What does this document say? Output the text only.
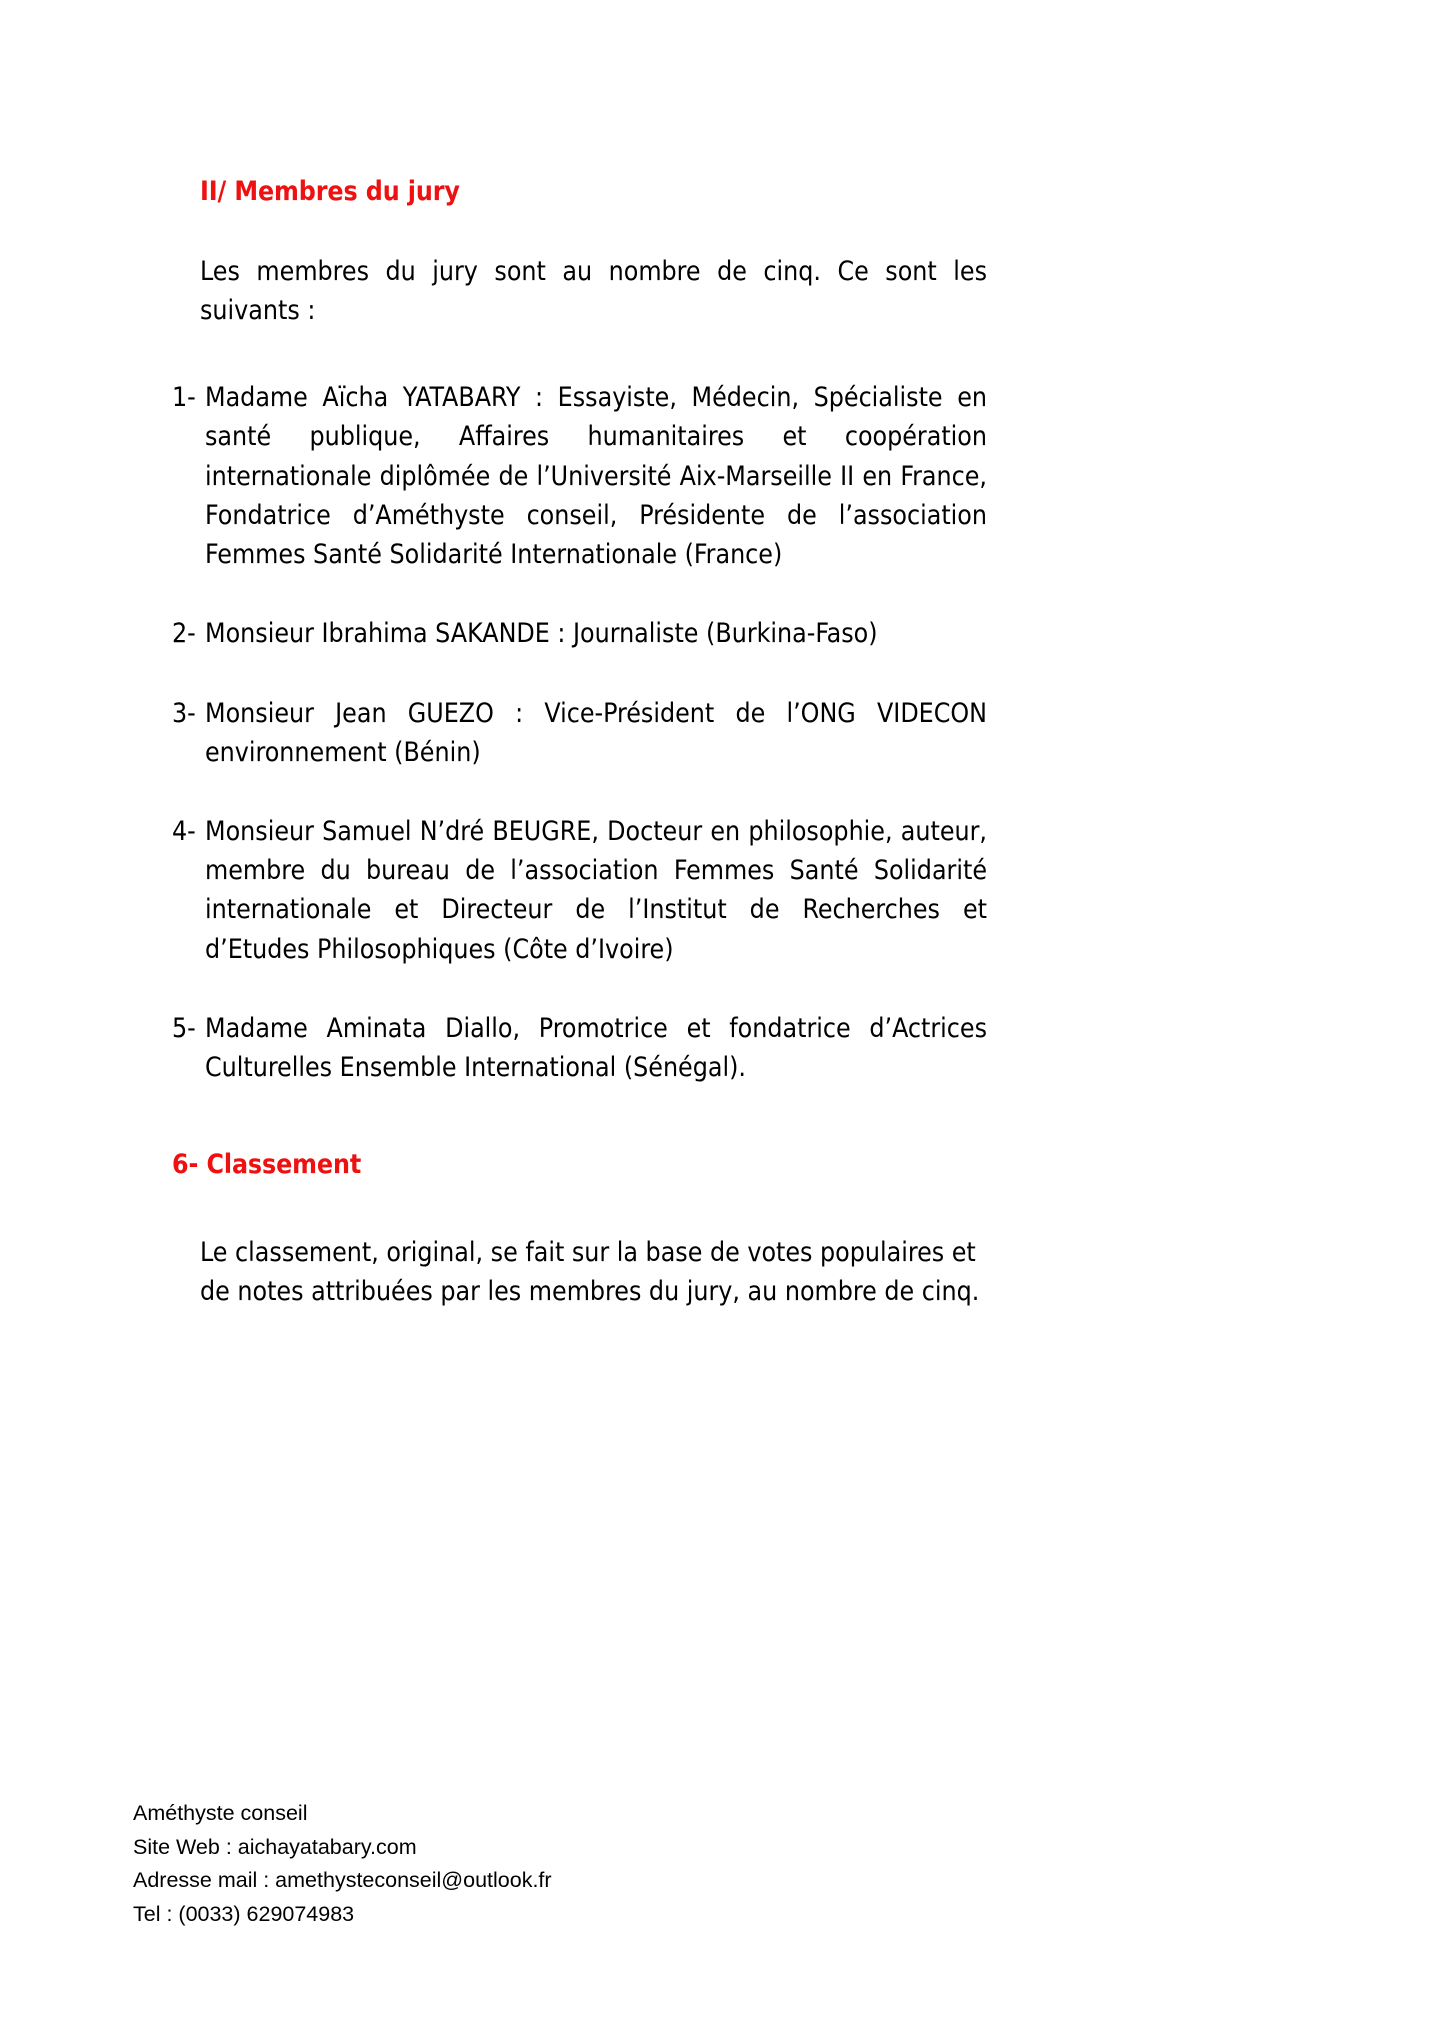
II/ Membres du jury

Les membres du jury sont au nombre de cinq. Ce sont les suivants :

1- Madame Aïcha YATABARY : Essayiste, Médecin, Spécialiste en santé publique, Affaires humanitaires et coopération internationale diplômée de l’Université Aix-Marseille II en France, Fondatrice d’Améthyste conseil, Présidente de l’association Femmes Santé Solidarité Internationale (France)
2- Monsieur Ibrahima SAKANDE : Journaliste (Burkina-Faso)
3- Monsieur Jean GUEZO : Vice-Président de l’ONG VIDECON environnement (Bénin)
4- Monsieur Samuel N’dré BEUGRE, Docteur en philosophie, auteur, membre du bureau de l’association Femmes Santé Solidarité internationale et Directeur de l’Institut de Recherches et d’Etudes Philosophiques (Côte d’Ivoire)
5- Madame Aminata Diallo, Promotrice et fondatrice d’Actrices Culturelles Ensemble International (Sénégal).
6- Classement

Le classement, original, se fait sur la base de votes populaires et de notes attribuées par les membres du jury, au nombre de cinq.

Améthyste conseil
Site Web : aichayatabary.com
Adresse mail : amethysteconseil@outlook.fr
Tel : (0033) 629074983
